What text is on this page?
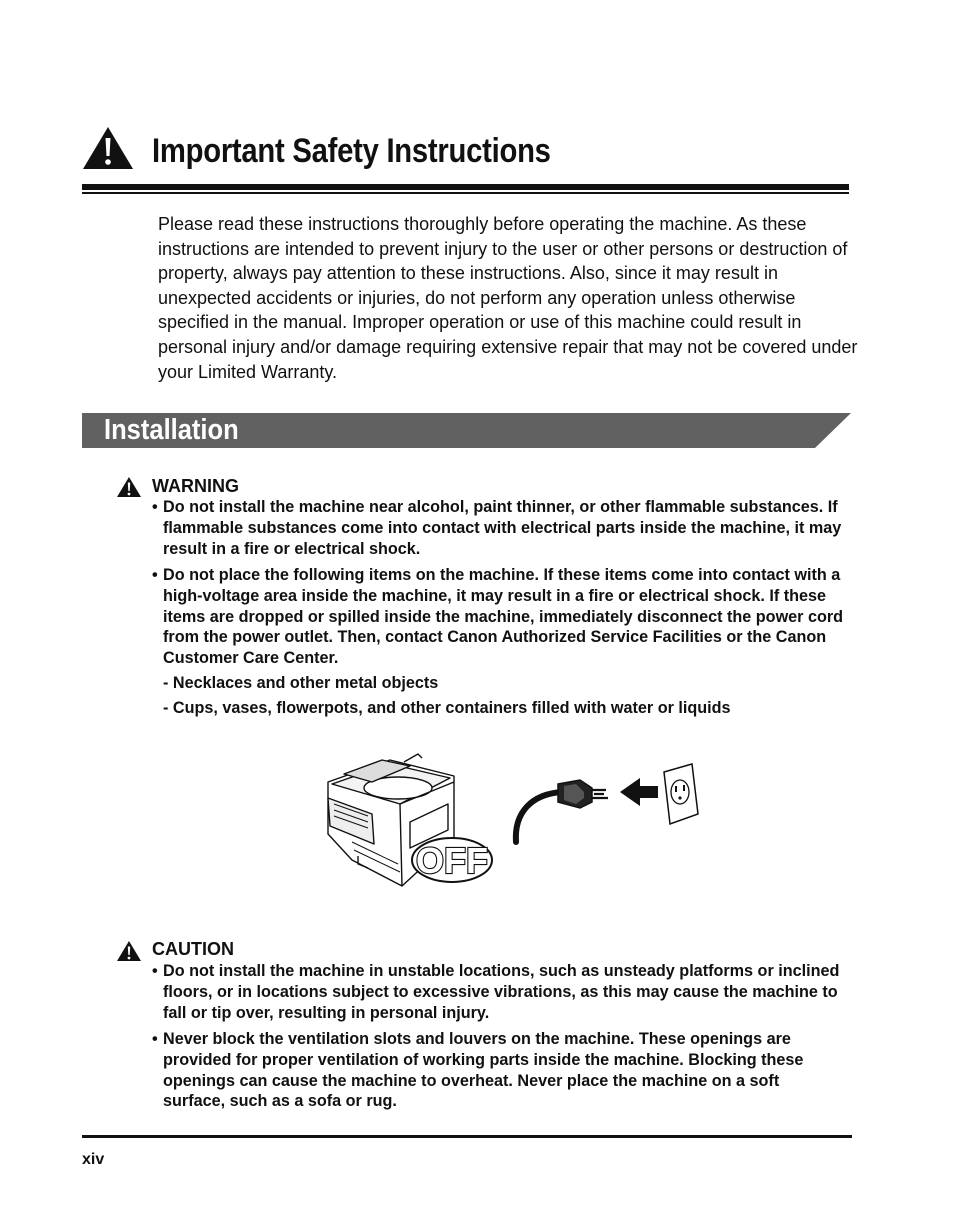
Important Safety Instructions
Please read these instructions thoroughly before operating the machine. As these instructions are intended to prevent injury to the user or other persons or destruction of property, always pay attention to these instructions. Also, since it may result in unexpected accidents or injuries, do not perform any operation unless otherwise specified in the manual. Improper operation or use of this machine could result in personal injury and/or damage requiring extensive repair that may not be covered under your Limited Warranty.
Installation
WARNING
• Do not install the machine near alcohol, paint thinner, or other flammable substances. If flammable substances come into contact with electrical parts inside the machine, it may result in a fire or electrical shock.
• Do not place the following items on the machine. If these items come into contact with a high-voltage area inside the machine, it may result in a fire or electrical shock. If these items are dropped or spilled inside the machine, immediately disconnect the power cord from the power outlet. Then, contact Canon Authorized Service Facilities or the Canon Customer Care Center.
- Necklaces and other metal objects
- Cups, vases, flowerpots, and other containers filled with water or liquids
OFF
CAUTION
• Do not install the machine in unstable locations, such as unsteady platforms or inclined floors, or in locations subject to excessive vibrations, as this may cause the machine to fall or tip over, resulting in personal injury.
• Never block the ventilation slots and louvers on the machine. These openings are provided for proper ventilation of working parts inside the machine. Blocking these openings can cause the machine to overheat. Never place the machine on a soft surface, such as a sofa or rug.
xiv
